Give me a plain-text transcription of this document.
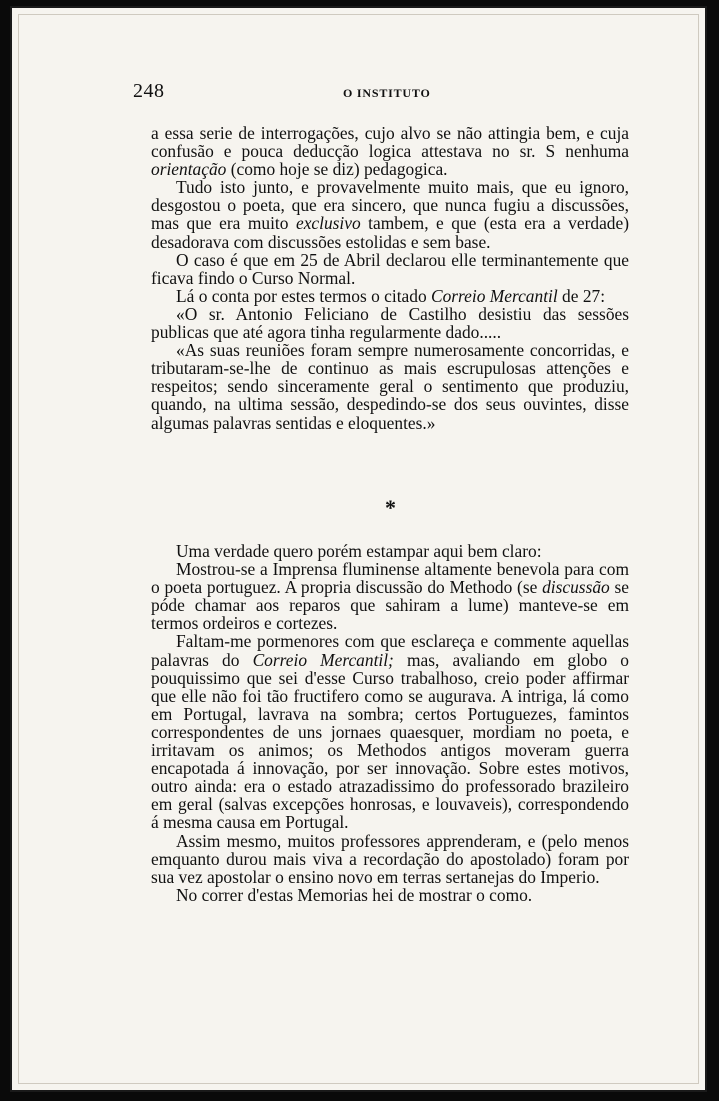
248	O INSTITUTO

a essa serie de interrogações, cujo alvo se não attingia bem, e cuja confusão e pouca deducção logica attestava no sr. S nenhuma orientação (como hoje se diz) pedagogica.

Tudo isto junto, e provavelmente muito mais, que eu ignoro, desgostou o poeta, que era sincero, que nunca fugiu a discussões, mas que era muito exclusivo tambem, e que (esta era a verdade) desadorava com discussões estolidas e sem base.

O caso é que em 25 de Abril declarou elle terminantemente que ficava findo o Curso Normal.

Lá o conta por estes termos o citado Correio Mercantil de 27:

«O sr. Antonio Feliciano de Castilho desistiu das sessões publicas que até agora tinha regularmente dado.....

«As suas reuniões foram sempre numerosamente concorridas, e tributaram-se-lhe de continuo as mais escrupulosas attenções e respeitos; sendo sinceramente geral o sentimento que produziu, quando, na ultima sessão, despedindo-se dos seus ouvintes, disse algumas palavras sentidas e eloquentes.»

*

Uma verdade quero porém estampar aqui bem claro:

Mostrou-se a Imprensa fluminense altamente benevola para com o poeta portuguez. A propria discussão do Methodo (se discussão se póde chamar aos reparos que sahiram a lume) manteve-se em termos ordeiros e cortezes.

Faltam-me pormenores com que esclareça e commente aquellas palavras do Correio Mercantil; mas, avaliando em globo o pouquissimo que sei d'esse Curso trabalhoso, creio poder affirmar que elle não foi tão fructifero como se augurava. A intriga, lá como em Portugal, lavrava na sombra; certos Portuguezes, famintos correspondentes de uns jornaes quaesquer, mordiam no poeta, e irritavam os animos; os Methodos antigos moveram guerra encapotada á innovação, por ser innovação. Sobre estes motivos, outro ainda: era o estado atrazadissimo do professorado brazileiro em geral (salvas excepções honrosas, e louvaveis), correspondendo á mesma causa em Portugal.

Assim mesmo, muitos professores apprenderam, e (pelo menos emquanto durou mais viva a recordação do apostolado) foram por sua vez apostolar o ensino novo em terras sertanejas do Imperio.

No correr d'estas Memorias hei de mostrar o como.
